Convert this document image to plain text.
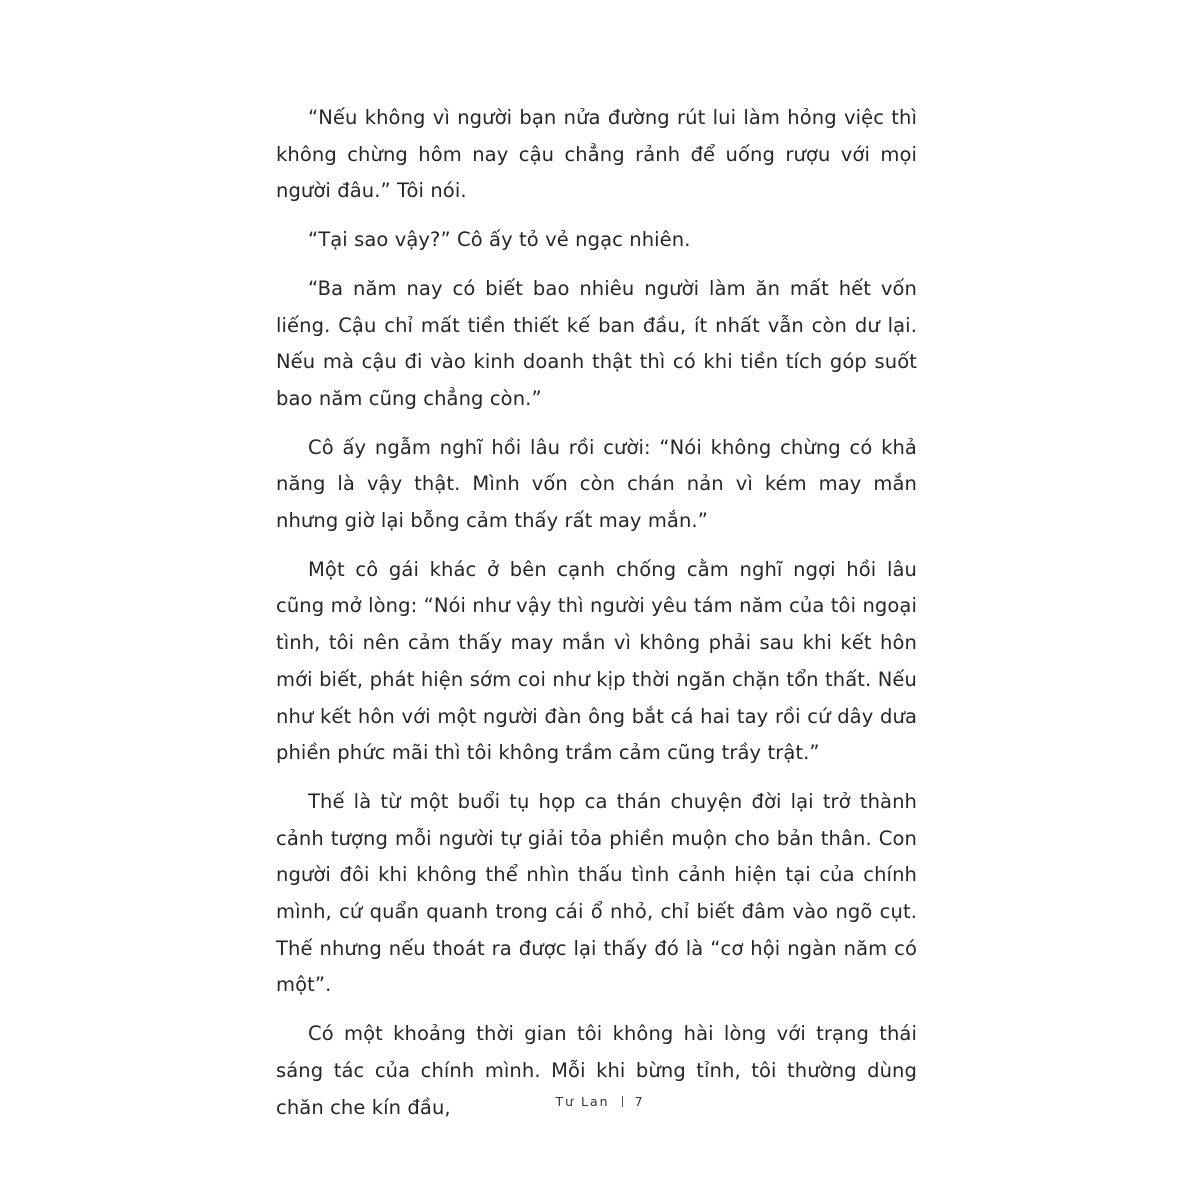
“Nếu không vì người bạn nửa đường rút lui làm hỏng việc thì không chừng hôm nay cậu chẳng rảnh để uống rượu với mọi người đâu.” Tôi nói.

“Tại sao vậy?” Cô ấy tỏ vẻ ngạc nhiên.

“Ba năm nay có biết bao nhiêu người làm ăn mất hết vốn liếng. Cậu chỉ mất tiền thiết kế ban đầu, ít nhất vẫn còn dư lại. Nếu mà cậu đi vào kinh doanh thật thì có khi tiền tích góp suốt bao năm cũng chẳng còn.”

Cô ấy ngẫm nghĩ hồi lâu rồi cười: “Nói không chừng có khả năng là vậy thật. Mình vốn còn chán nản vì kém may mắn nhưng giờ lại bỗng cảm thấy rất may mắn.”

Một cô gái khác ở bên cạnh chống cằm nghĩ ngợi hồi lâu cũng mở lòng: “Nói như vậy thì người yêu tám năm của tôi ngoại tình, tôi nên cảm thấy may mắn vì không phải sau khi kết hôn mới biết, phát hiện sớm coi như kịp thời ngăn chặn tổn thất. Nếu như kết hôn với một người đàn ông bắt cá hai tay rồi cứ dây dưa phiền phức mãi thì tôi không trầm cảm cũng trầy trật.”

Thế là từ một buổi tụ họp ca thán chuyện đời lại trở thành cảnh tượng mỗi người tự giải tỏa phiền muộn cho bản thân. Con người đôi khi không thể nhìn thấu tình cảnh hiện tại của chính mình, cứ quẩn quanh trong cái ổ nhỏ, chỉ biết đâm vào ngõ cụt. Thế nhưng nếu thoát ra được lại thấy đó là “cơ hội ngàn năm có một”.

Có một khoảng thời gian tôi không hài lòng với trạng thái sáng tác của chính mình. Mỗi khi bừng tỉnh, tôi thường dùng chăn che kín đầu,	Tư Lan 7
